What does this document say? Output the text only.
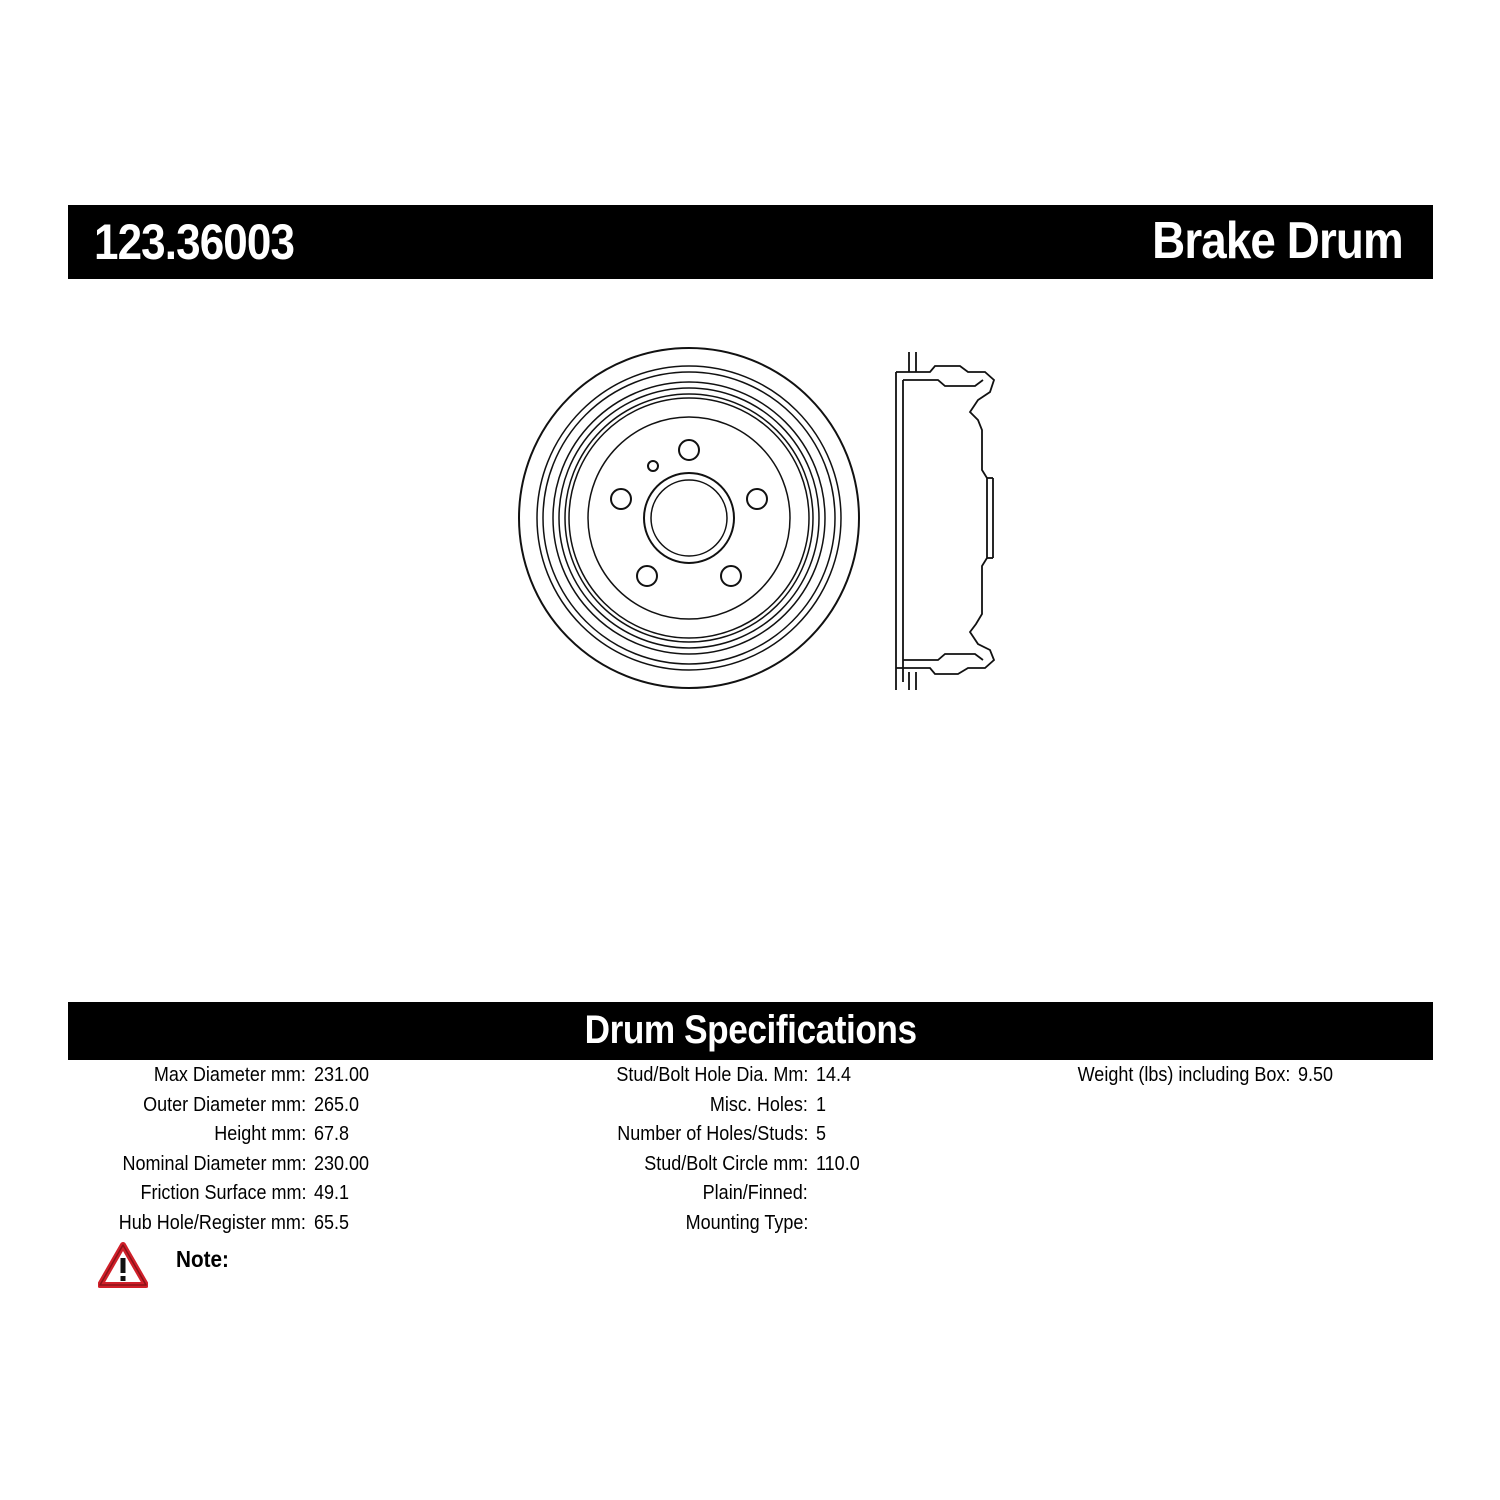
123.36003	Brake Drum
Drum Specifications
Max Diameter mm: 231.00
Outer Diameter mm: 265.0
Height mm: 67.8
Nominal Diameter mm: 230.00
Friction Surface mm: 49.1
Hub Hole/Register mm: 65.5
Stud/Bolt Hole Dia. Mm: 14.4
Misc. Holes: 1
Number of Holes/Studs: 5
Stud/Bolt Circle mm: 110.0
Plain/Finned:
Mounting Type:
Weight (lbs) including Box: 9.50
Note:
